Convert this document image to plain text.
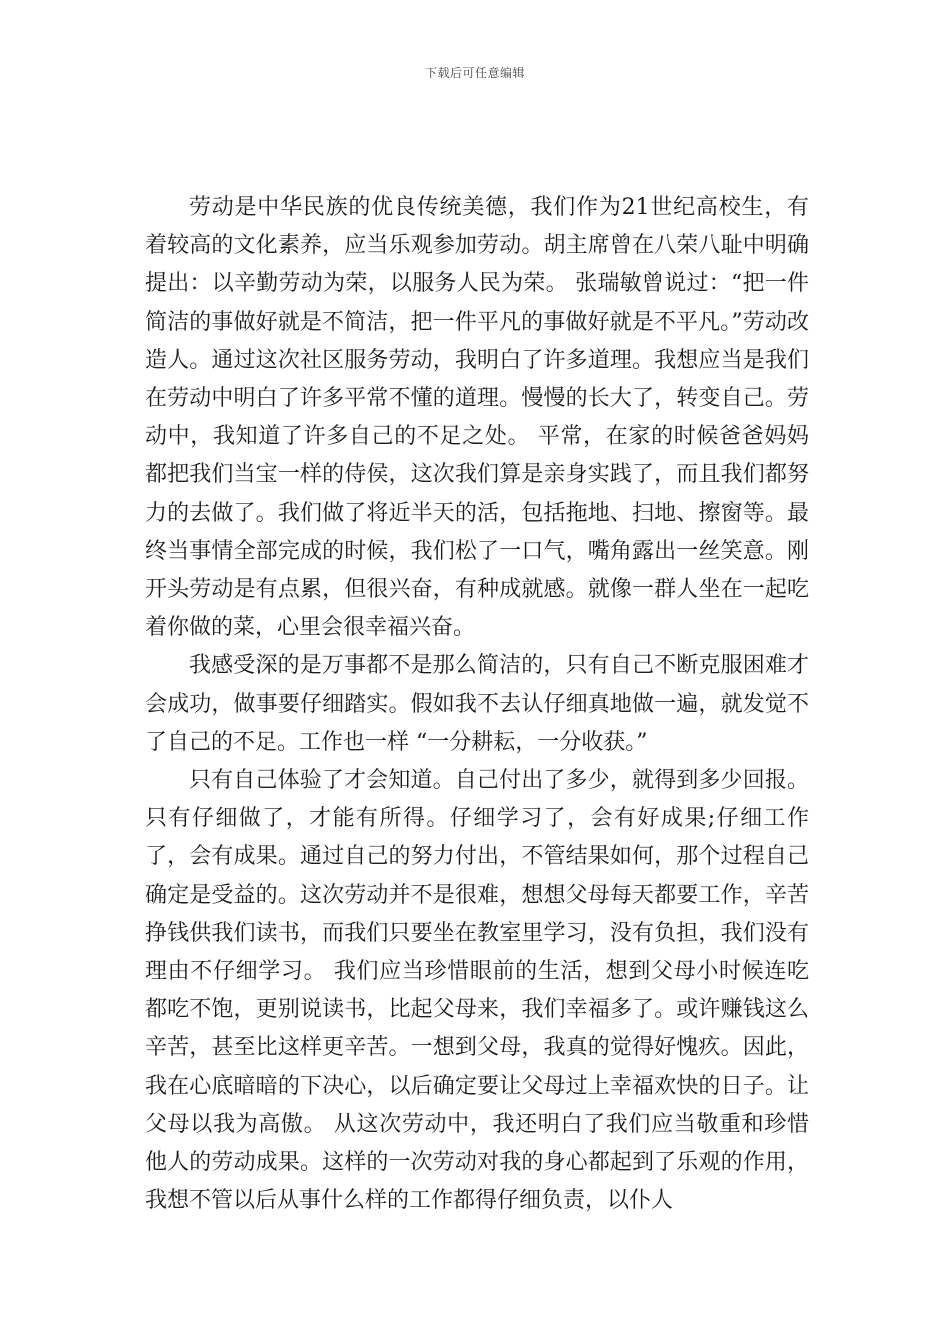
下载后可任意编辑

劳动是中华民族的优良传统美德，我们作为21世纪高校生，有着较高的文化素养，应当乐观参加劳动。胡主席曾在八荣八耻中明确提出：以辛勤劳动为荣，以服务人民为荣。 张瑞敏曾说过：“把一件简洁的事做好就是不简洁，把一件平凡的事做好就是不平凡。”劳动改造人。通过这次社区服务劳动，我明白了许多道理。我想应当是我们在劳动中明白了许多平常不懂的道理。慢慢的长大了，转变自己。劳动中，我知道了许多自己的不足之处。 平常，在家的时候爸爸妈妈都把我们当宝一样的侍侯，这次我们算是亲身实践了，而且我们都努力的去做了。我们做了将近半天的活，包括拖地、扫地、擦窗等。最终当事情全部完成的时候，我们松了一口气，嘴角露出一丝笑意。刚开头劳动是有点累，但很兴奋，有种成就感。就像一群人坐在一起吃着你做的菜，心里会很幸福兴奋。

我感受深的是万事都不是那么简洁的，只有自己不断克服困难才会成功，做事要仔细踏实。假如我不去认仔细真地做一遍，就发觉不了自己的不足。工作也一样 “一分耕耘，一分收获。”

只有自己体验了才会知道。自己付出了多少，就得到多少回报。只有仔细做了，才能有所得。仔细学习了，会有好成果;仔细工作了，会有成果。通过自己的努力付出，不管结果如何，那个过程自己确定是受益的。这次劳动并不是很难，想想父母每天都要工作，辛苦挣钱供我们读书，而我们只要坐在教室里学习，没有负担，我们没有理由不仔细学习。 我们应当珍惜眼前的生活，想到父母小时候连吃都吃不饱，更别说读书，比起父母来，我们幸福多了。或许赚钱这么辛苦，甚至比这样更辛苦。一想到父母，我真的觉得好愧疚。因此，我在心底暗暗的下决心，以后确定要让父母过上幸福欢快的日子。让父母以我为高傲。 从这次劳动中，我还明白了我们应当敬重和珍惜他人的劳动成果。这样的一次劳动对我的身心都起到了乐观的作用，我想不管以后从事什么样的工作都得仔细负责，以仆人
